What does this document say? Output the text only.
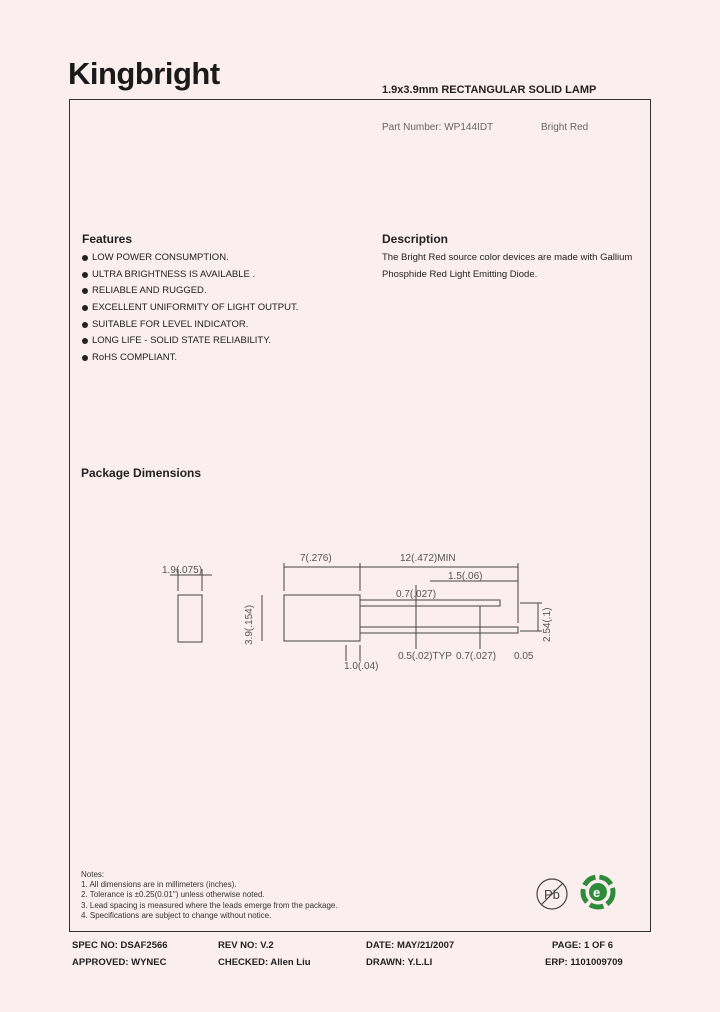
Kingbright	1.9x3.9mm RECTANGULAR SOLID LAMP
Part Number: WP144IDT	Bright Red
Features
LOW POWER CONSUMPTION.
ULTRA BRIGHTNESS IS AVAILABLE .
RELIABLE AND RUGGED.
EXCELLENT UNIFORMITY OF LIGHT OUTPUT.
SUITABLE FOR LEVEL INDICATOR.
LONG LIFE - SOLID STATE RELIABILITY.
RoHS COMPLIANT.
Description
The Bright Red source color devices are made with Gallium
Phosphide Red Light Emitting Diode.
Package Dimensions
1.9(.075)
7(.276)	12(.472)MIN
1.5(.06)
3.9(.154)	2.54(.1)
0.7(.027)
1.0(.04)
0.5(.02)TYP 0.7(.027) 0.05
Notes:
1. All dimensions are in millimeters (inches).
2. Tolerance is ±0.25(0.01") unless otherwise noted.
3. Lead spacing is measured where the leads emerge from the package.
4. Specifications are subject to change without notice.
Pb	e
SPEC NO: DSAF2566	REV NO: V.2	DATE: MAY/21/2007	PAGE: 1 OF 6
APPROVED: WYNEC	CHECKED: Allen Liu	DRAWN: Y.L.LI	ERP: 1101009709
